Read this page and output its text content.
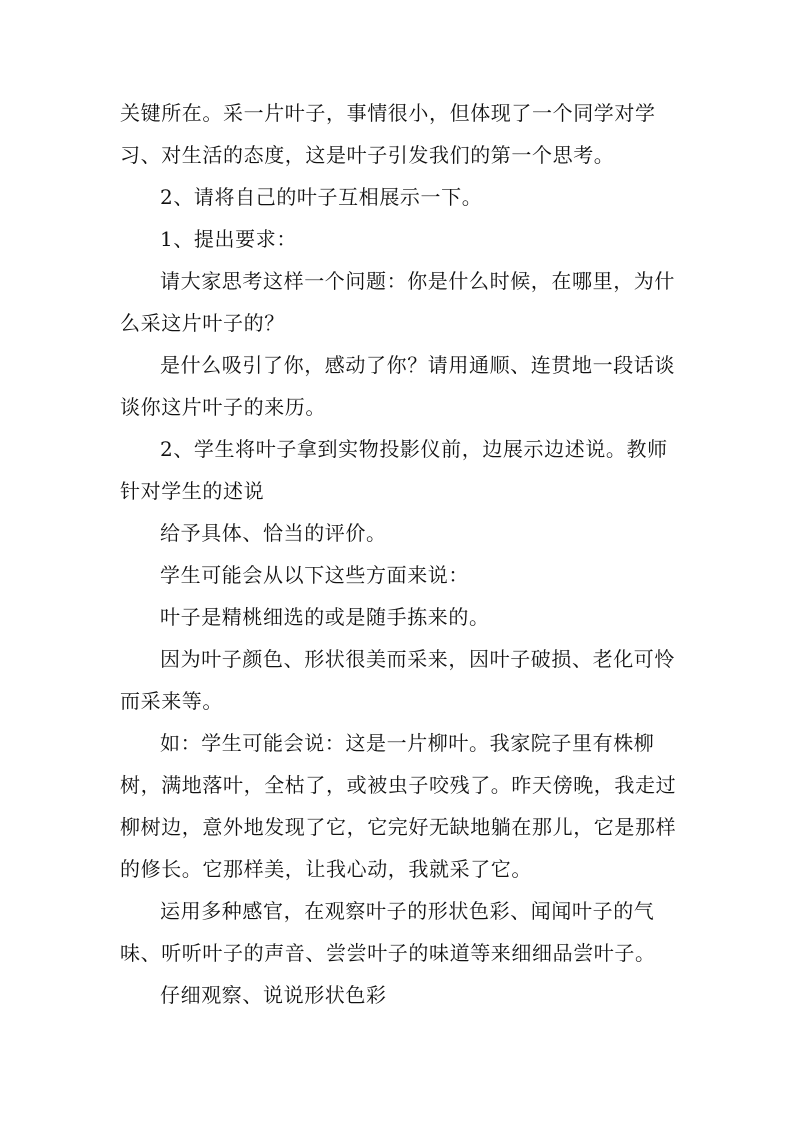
关键所在。采一片叶子，事情很小，但体现了一个同学对学习、对生活的态度，这是叶子引发我们的第一个思考。

2、请将自己的叶子互相展示一下。

1、提出要求：

请大家思考这样一个问题：你是什么时候，在哪里，为什么采这片叶子的？

是什么吸引了你，感动了你？请用通顺、连贯地一段话谈谈你这片叶子的来历。

2、学生将叶子拿到实物投影仪前，边展示边述说。教师针对学生的述说

给予具体、恰当的评价。

学生可能会从以下这些方面来说：

叶子是精桃细选的或是随手拣来的。

因为叶子颜色、形状很美而采来，因叶子破损、老化可怜而采来等。

如：学生可能会说：这是一片柳叶。我家院子里有株柳树，满地落叶，全枯了，或被虫子咬残了。昨天傍晚，我走过柳树边，意外地发现了它，它完好无缺地躺在那儿，它是那样的修长。它那样美，让我心动，我就采了它。

运用多种感官，在观察叶子的形状色彩、闻闻叶子的气味、听听叶子的声音、尝尝叶子的味道等来细细品尝叶子。

仔细观察、说说形状色彩
